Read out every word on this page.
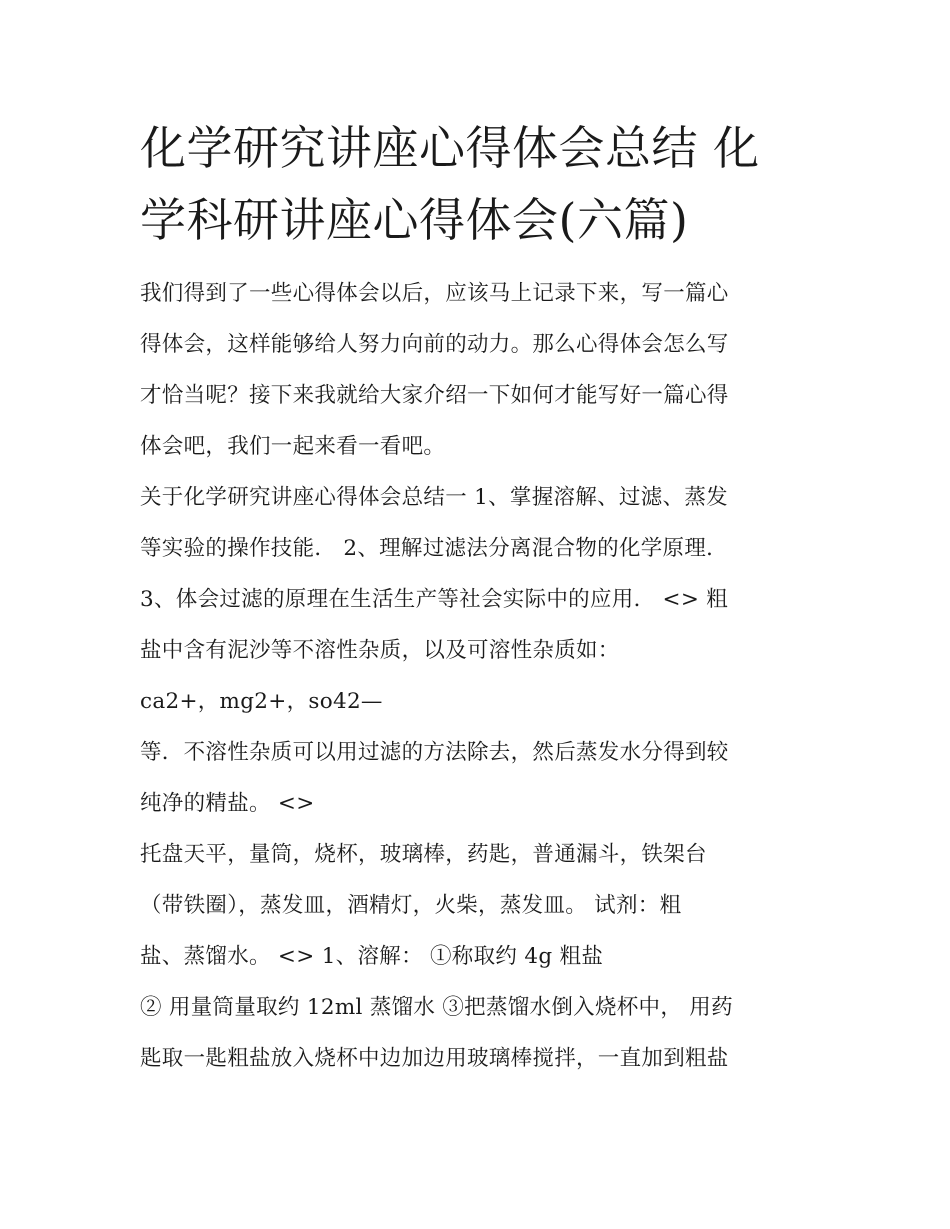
化学研究讲座心得体会总结 化
学科研讲座心得体会(六篇)

我们得到了一些心得体会以后，应该马上记录下来，写一篇心
得体会，这样能够给人努力向前的动力。那么心得体会怎么写
才恰当呢？接下来我就给大家介绍一下如何才能写好一篇心得
体会吧，我们一起来看一看吧。

关于化学研究讲座心得体会总结一 1、掌握溶解、过滤、蒸发
等实验的操作技能． 2、理解过滤法分离混合物的化学原理．
3、体会过滤的原理在生活生产等社会实际中的应用． <> 粗
盐中含有泥沙等不溶性杂质，以及可溶性杂质如：
ca2+，mg2+，so42—
等．不溶性杂质可以用过滤的方法除去，然后蒸发水分得到较
纯净的精盐。 <>
托盘天平，量筒，烧杯，玻璃棒，药匙，普通漏斗，铁架台
（带铁圈），蒸发皿，酒精灯，火柴，蒸发皿。 试剂：粗
盐、蒸馏水。 <> 1、溶解： ①称取约 4g 粗盐
② 用量筒量取约 12ml 蒸馏水 ③把蒸馏水倒入烧杯中， 用药
匙取一匙粗盐放入烧杯中边加边用玻璃棒搅拌，一直加到粗盐
